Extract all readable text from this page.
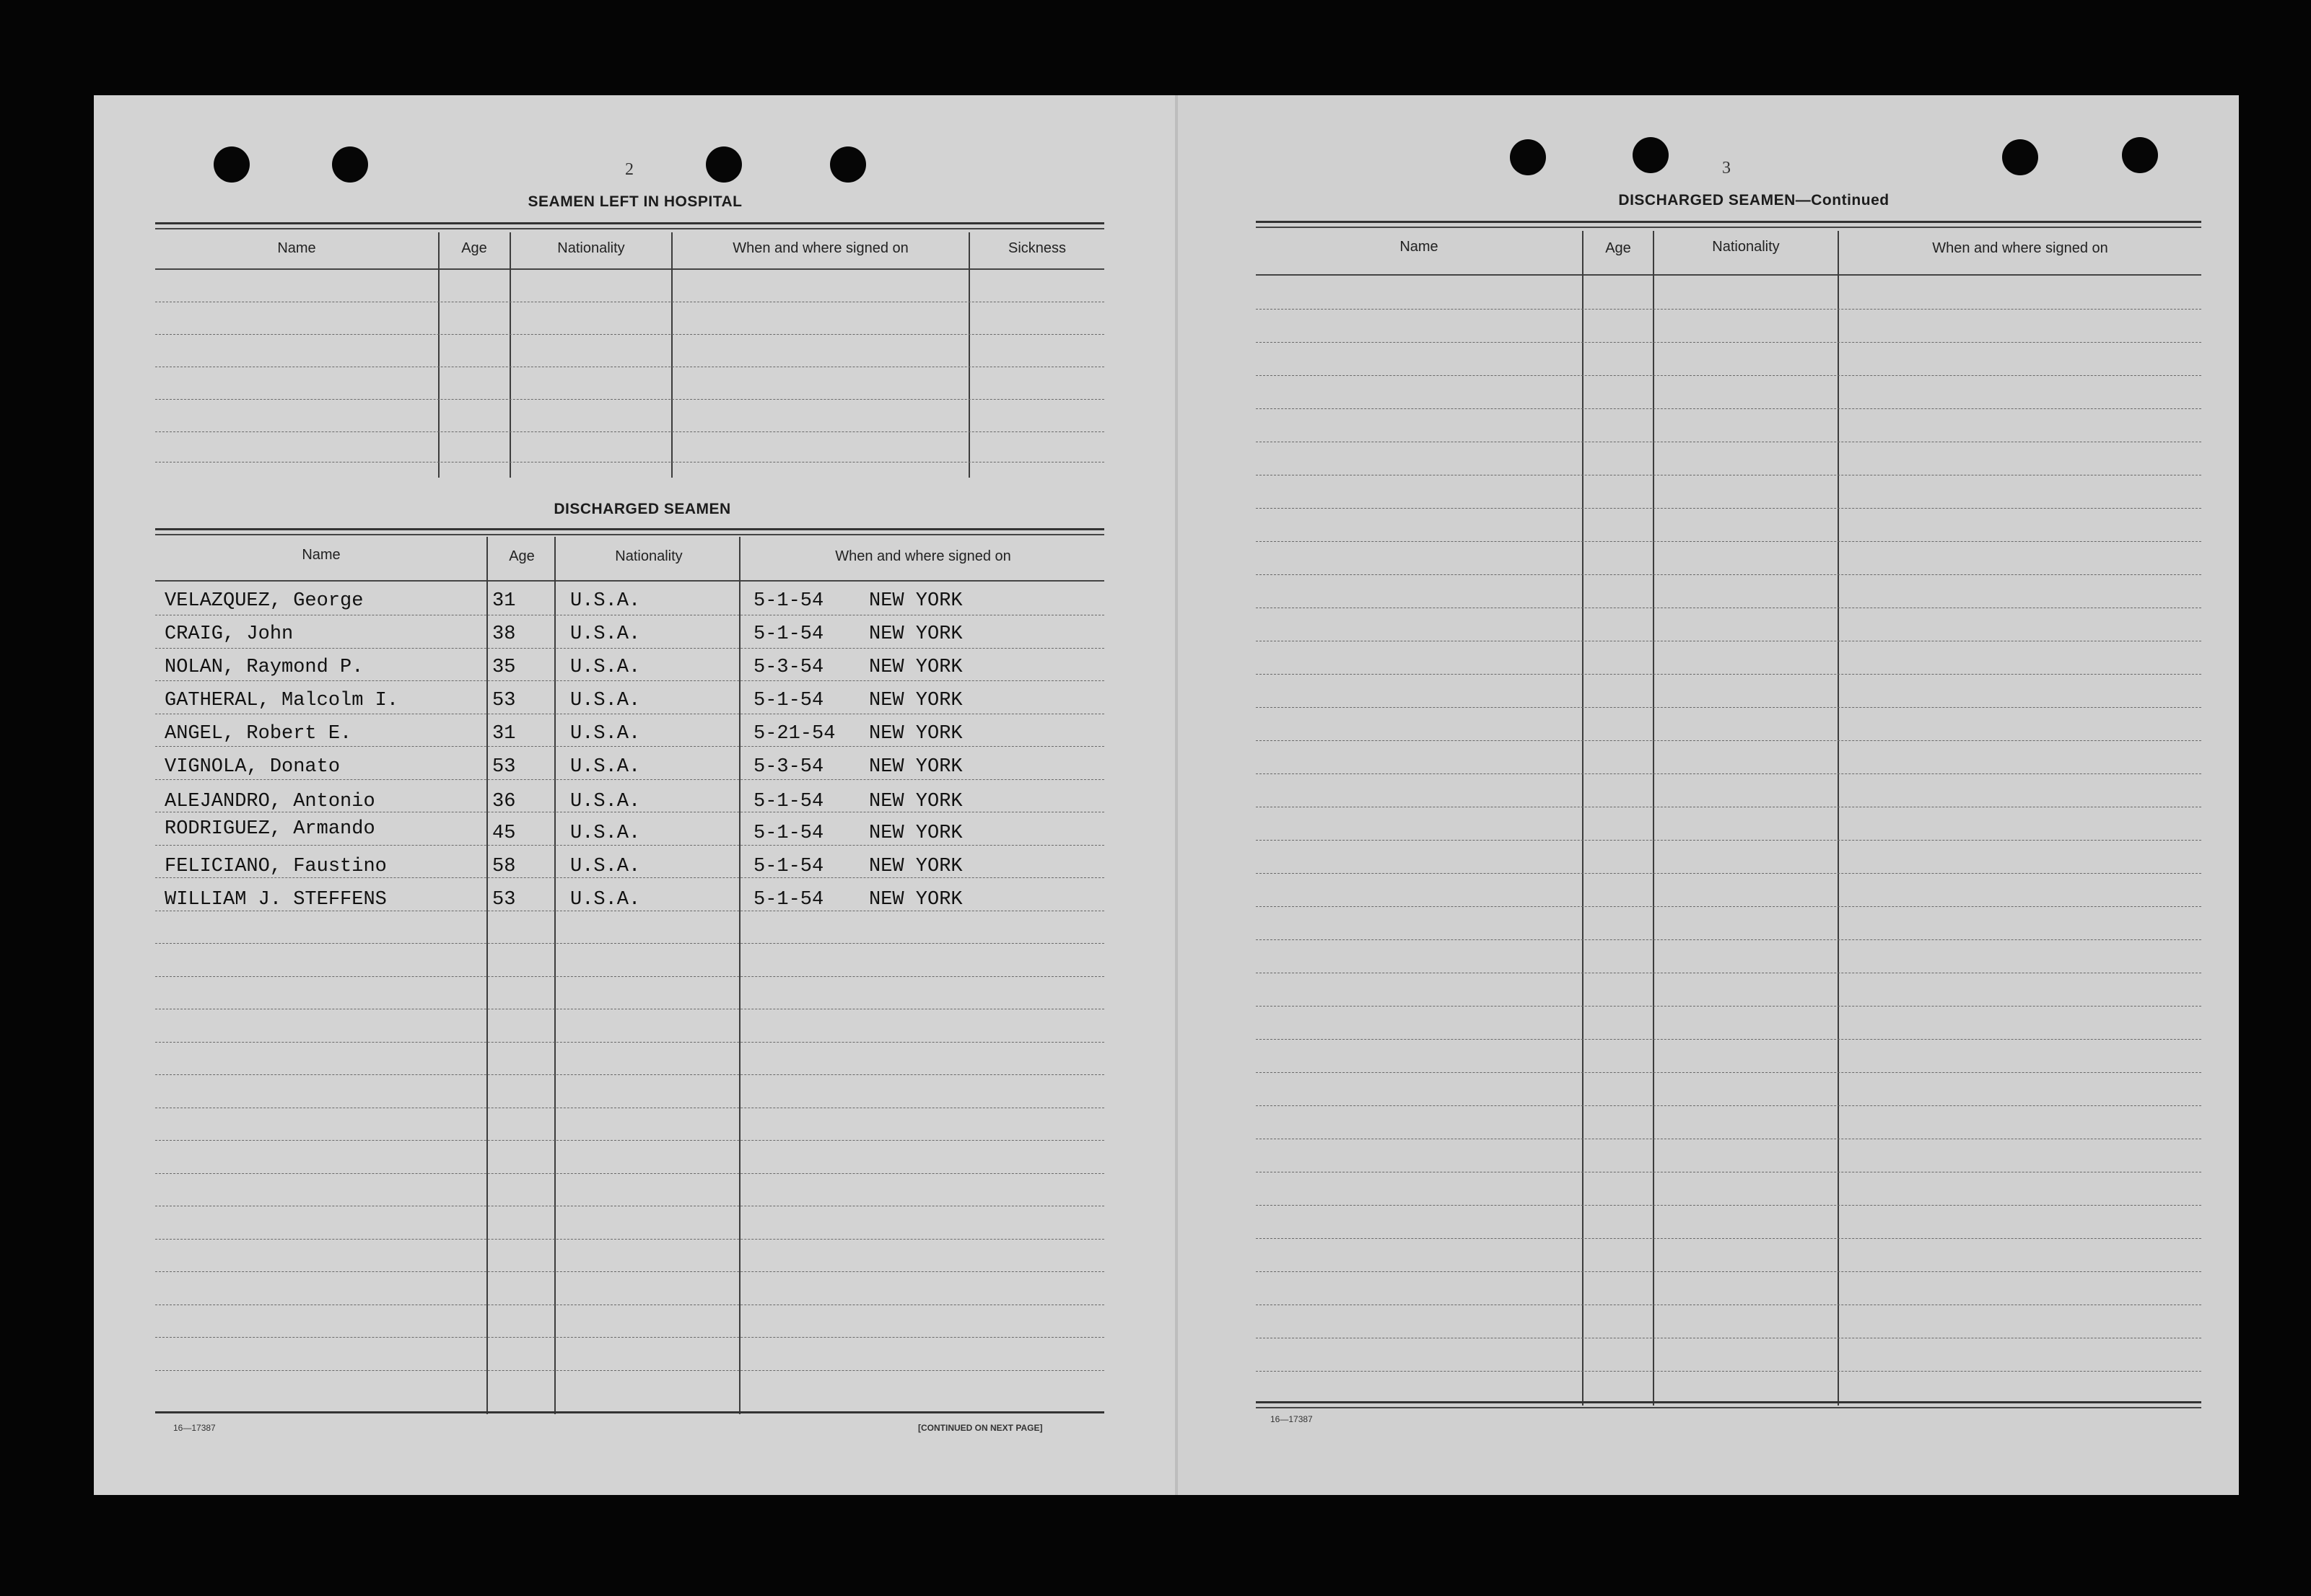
2
SEAMEN LEFT IN HOSPITAL
Name	Age	Nationality	When and where signed on	Sickness
DISCHARGED SEAMEN
Name	Age	Nationality	When and where signed on
VELAZQUEZ, George	31	U.S.A.	5-1-54 NEW YORK
CRAIG, John	38	U.S.A.	5-1-54 NEW YORK
NOLAN, Raymond P.	35	U.S.A.	5-3-54 NEW YORK
GATHERAL, Malcolm I.	53	U.S.A.	5-1-54 NEW YORK
ANGEL, Robert E.	31	U.S.A.	5-21-54 NEW YORK
VIGNOLA, Donato	53	U.S.A.	5-3-54 NEW YORK
ALEJANDRO, Antonio	36	U.S.A.	5-1-54 NEW YORK
RODRIGUEZ, Armando	45	U.S.A.	5-1-54 NEW YORK
FELICIANO, Faustino	58	U.S.A.	5-1-54 NEW YORK
WILLIAM J. STEFFENS	53	U.S.A.	5-1-54 NEW YORK
16—17387	[CONTINUED ON NEXT PAGE]
3
DISCHARGED SEAMEN—Continued
Name	Age	Nationality	When and where signed on
16—17387
